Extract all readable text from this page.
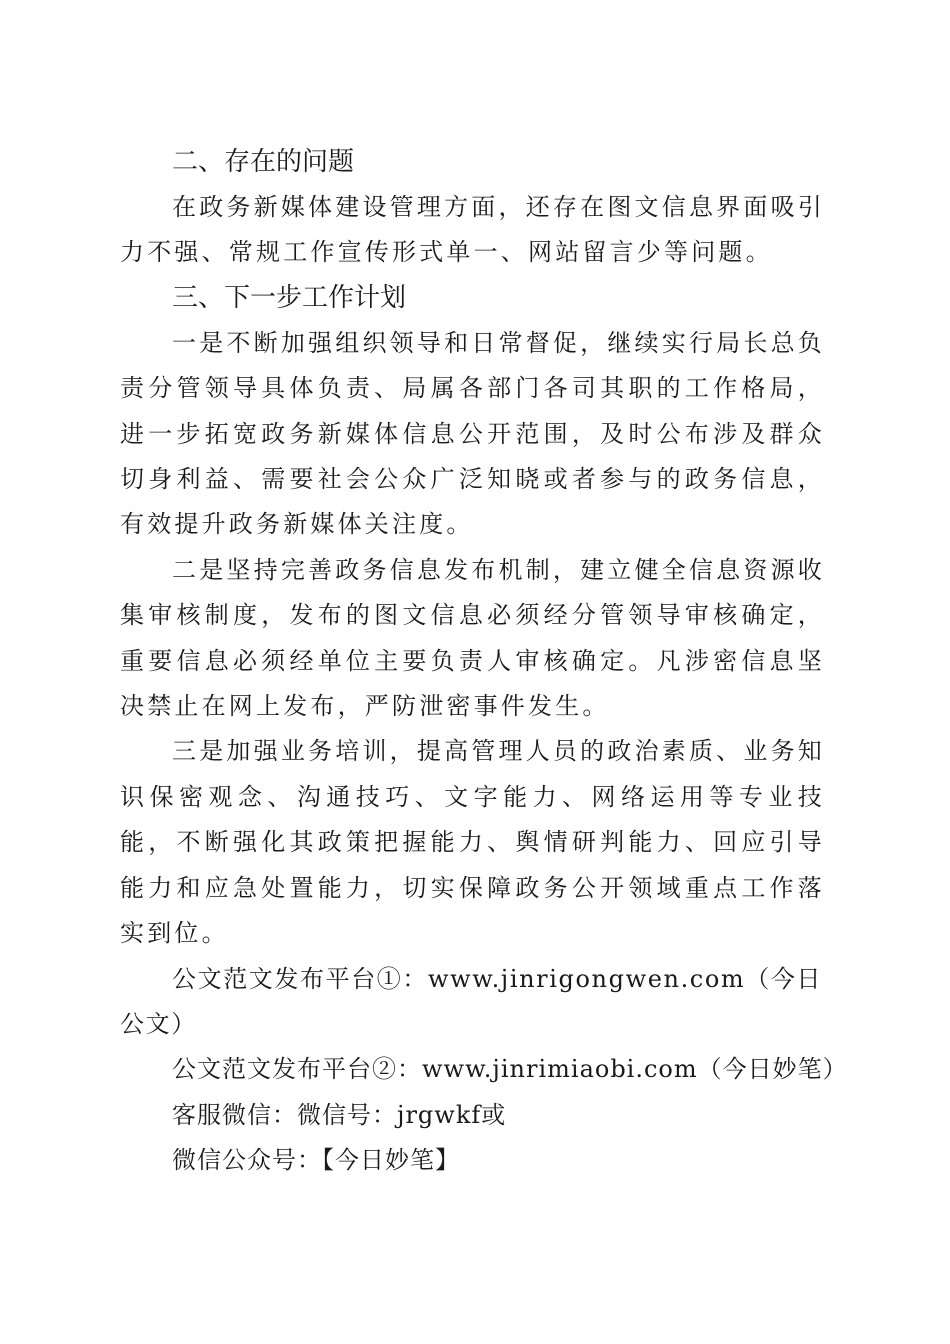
二、存在的问题

在政务新媒体建设管理方面，还存在图文信息界面吸引力不强、常规工作宣传形式单一、网站留言少等问题。

三、下一步工作计划

一是不断加强组织领导和日常督促，继续实行局长总负责分管领导具体负责、局属各部门各司其职的工作格局，进一步拓宽政务新媒体信息公开范围，及时公布涉及群众切身利益、需要社会公众广泛知晓或者参与的政务信息，有效提升政务新媒体关注度。

二是坚持完善政务信息发布机制，建立健全信息资源收集审核制度，发布的图文信息必须经分管领导审核确定，重要信息必须经单位主要负责人审核确定。凡涉密信息坚决禁止在网上发布，严防泄密事件发生。

三是加强业务培训，提高管理人员的政治素质、业务知识保密观念、沟通技巧、文字能力、网络运用等专业技能，不断强化其政策把握能力、舆情研判能力、回应引导能力和应急处置能力，切实保障政务公开领域重点工作落实到位。

公文范文发布平台①：www.jinrigongwen.com（今日公文）

公文范文发布平台②：www.jinrimiaobi.com（今日妙笔）

客服微信：微信号：jrgwkf或

微信公众号：【今日妙笔】
